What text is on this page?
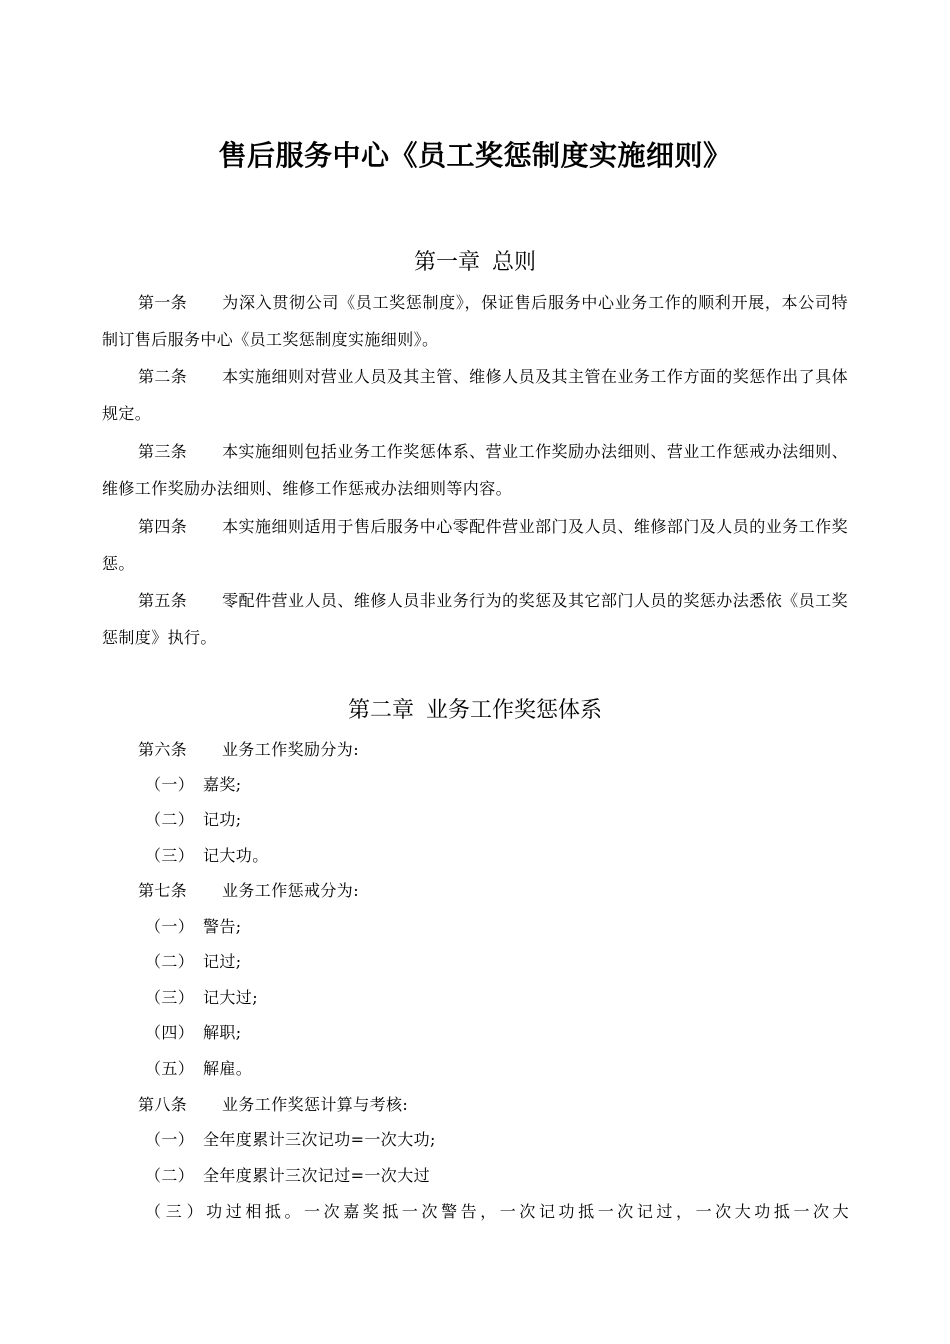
售后服务中心《员工奖惩制度实施细则》
第一章 总则
第一条 为深入贯彻公司《员工奖惩制度》，保证售后服务中心业务工作的顺利开展，本公司特制订售后服务中心《员工奖惩制度实施细则》。
第二条 本实施细则对营业人员及其主管、维修人员及其主管在业务工作方面的奖惩作出了具体规定。
第三条 本实施细则包括业务工作奖惩体系、营业工作奖励办法细则、营业工作惩戒办法细则、维修工作奖励办法细则、维修工作惩戒办法细则等内容。
第四条 本实施细则适用于售后服务中心零配件营业部门及人员、维修部门及人员的业务工作奖惩。
第五条 零配件营业人员、维修人员非业务行为的奖惩及其它部门人员的奖惩办法悉依《员工奖惩制度》执行。
第二章 业务工作奖惩体系
第六条 业务工作奖励分为:
（一） 嘉奖;
（二） 记功;
（三） 记大功。
第七条 业务工作惩戒分为:
（一） 警告;
（二） 记过;
（三） 记大过;
（四） 解职;
（五） 解雇。
第八条 业务工作奖惩计算与考核:
（一） 全年度累计三次记功=一次大功;
（二） 全年度累计三次记过=一次大过
（三）功过相抵。一次嘉奖抵一次警告，一次记功抵一次记过，一次大功抵一次大
